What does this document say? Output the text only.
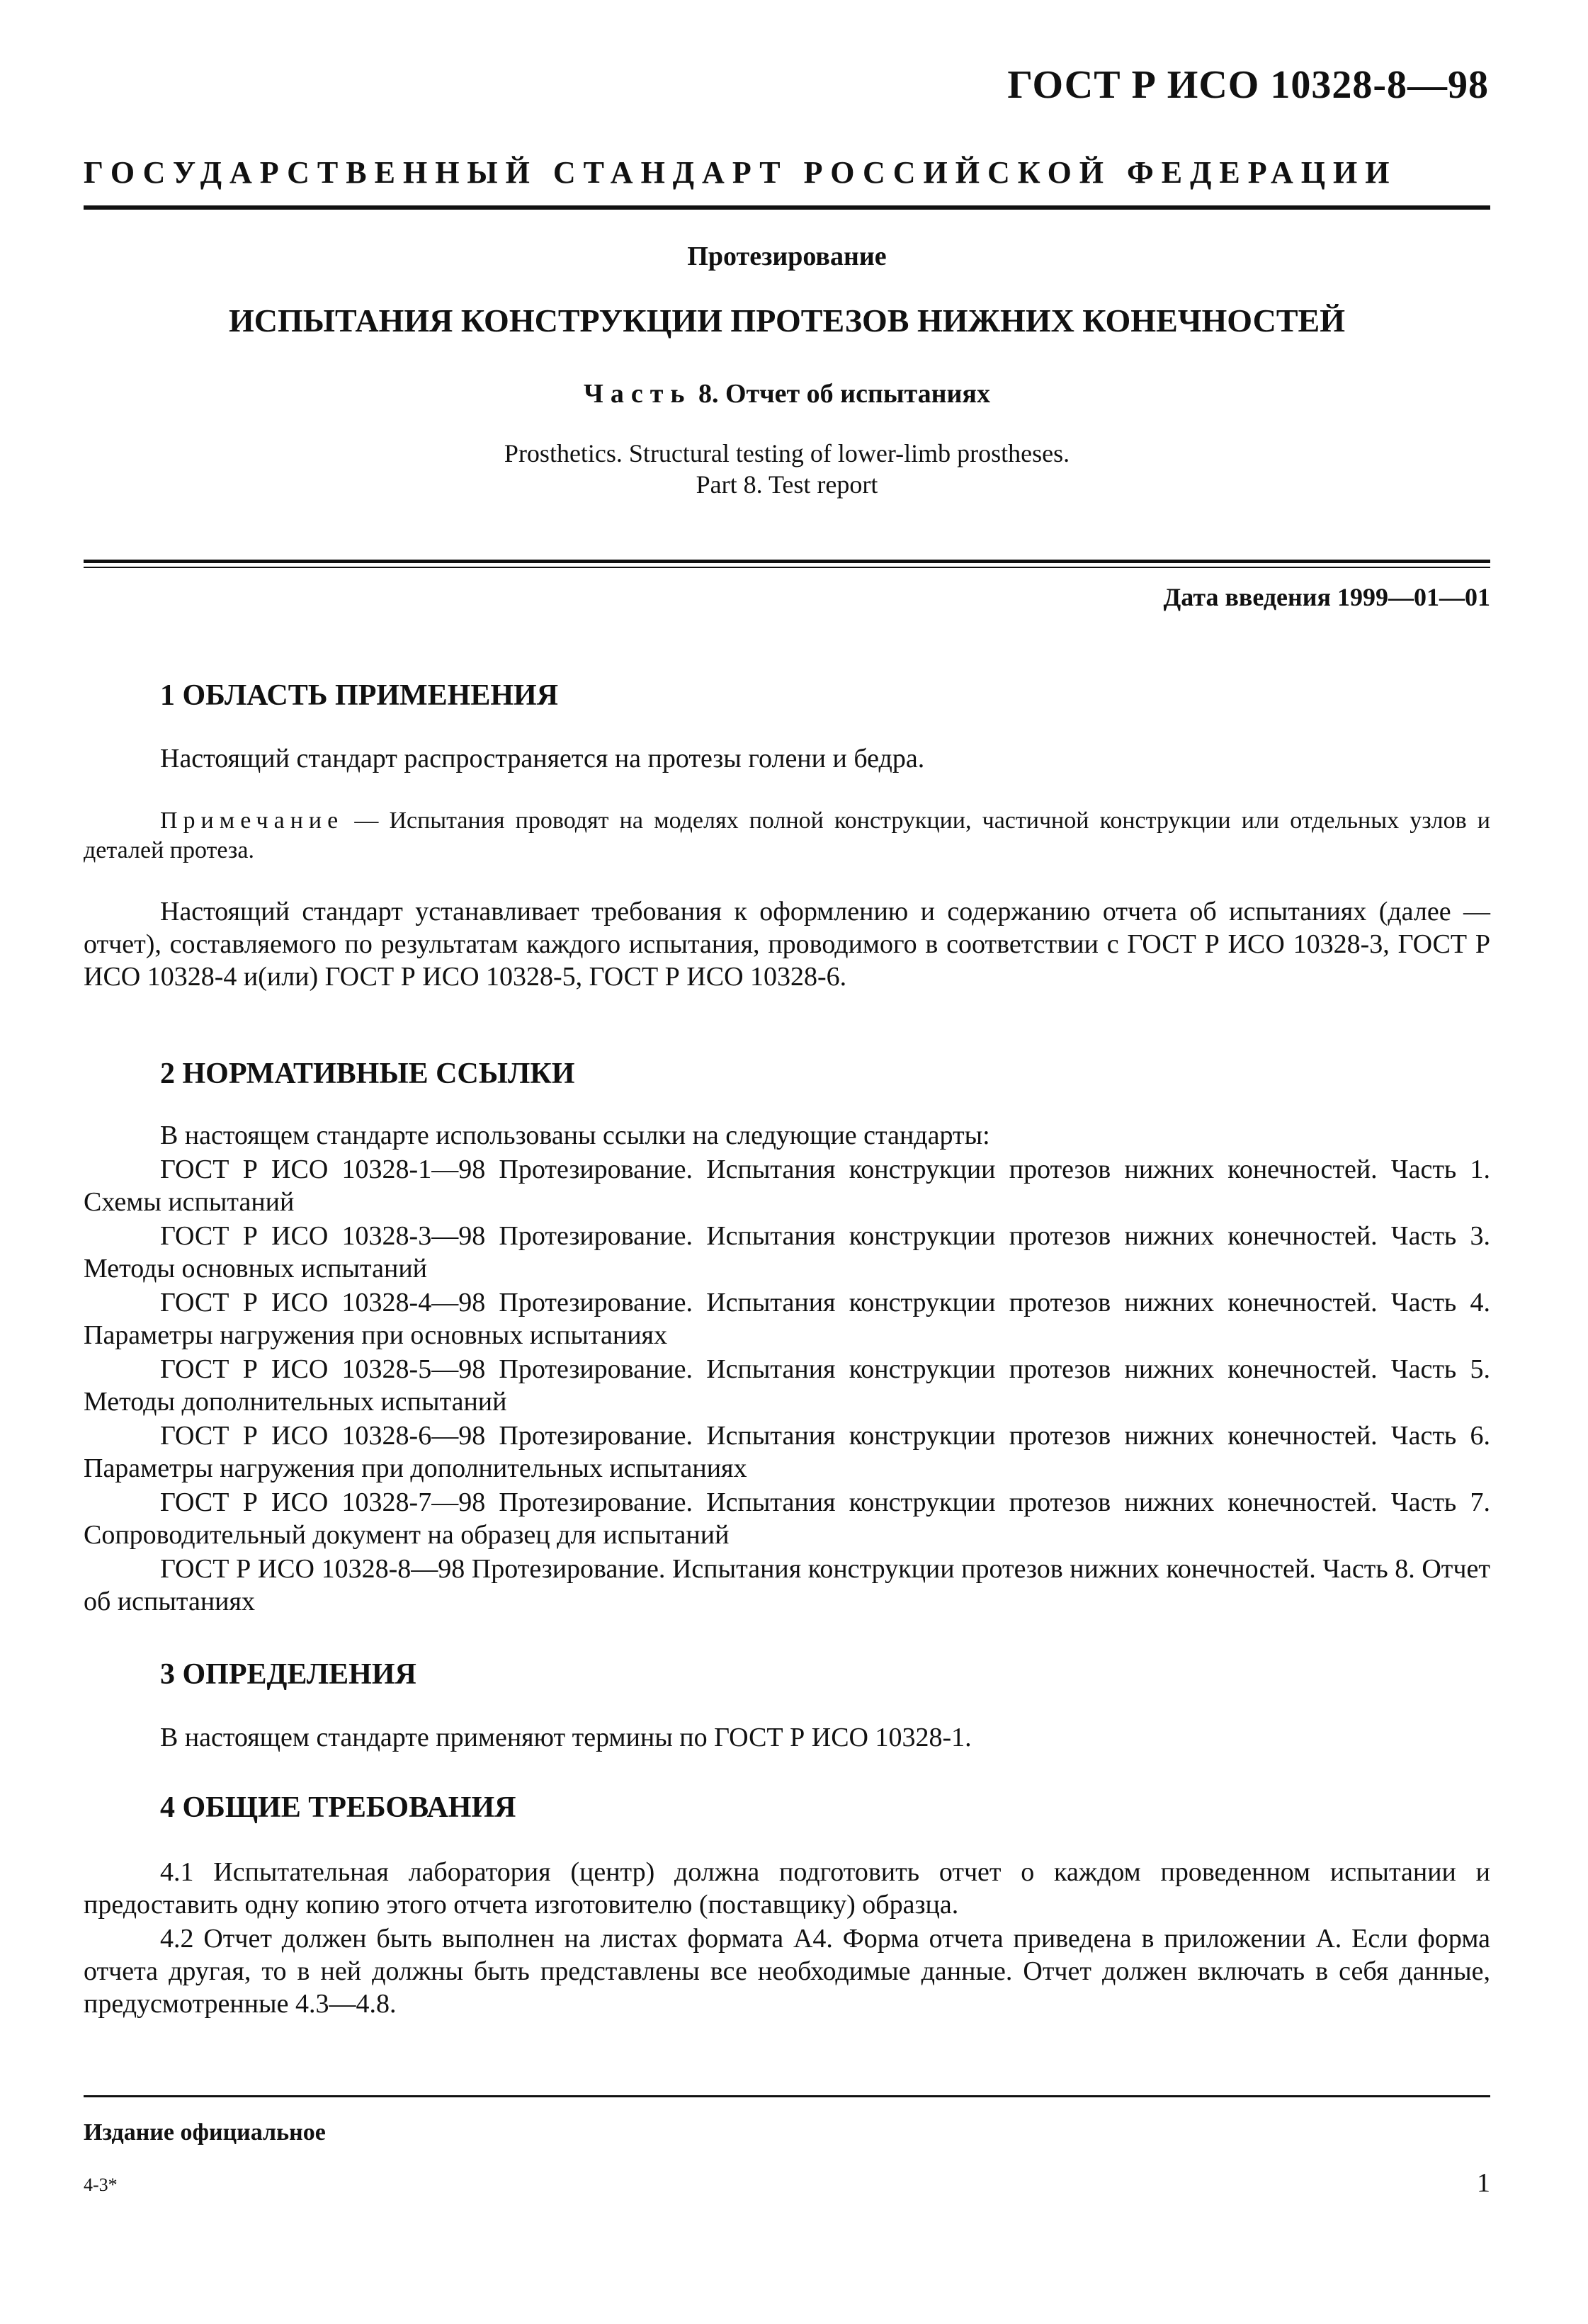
ГОСТ Р ИСО 10328-8—98
ГОСУДАРСТВЕННЫЙ СТАНДАРТ РОССИЙСКОЙ ФЕДЕРАЦИИ
Протезирование
ИСПЫТАНИЯ КОНСТРУКЦИИ ПРОТЕЗОВ НИЖНИХ КОНЕЧНОСТЕЙ
Часть 8. Отчет об испытаниях
Prosthetics. Structural testing of lower-limb prostheses.
Part 8. Test report
Дата введения 1999—01—01
1 ОБЛАСТЬ ПРИМЕНЕНИЯ
Настоящий стандарт распространяется на протезы голени и бедра.
Примечание — Испытания проводят на моделях полной конструкции, частичной конструкции или отдельных узлов и деталей протеза.
Настоящий стандарт устанавливает требования к оформлению и содержанию отчета об испытаниях (далее — отчет), составляемого по результатам каждого испытания, проводимого в соответствии с ГОСТ Р ИСО 10328-3, ГОСТ Р ИСО 10328-4 и(или) ГОСТ Р ИСО 10328-5, ГОСТ Р ИСО 10328-6.
2 НОРМАТИВНЫЕ ССЫЛКИ
В настоящем стандарте использованы ссылки на следующие стандарты:
ГОСТ Р ИСО 10328-1—98 Протезирование. Испытания конструкции протезов нижних конечностей. Часть 1. Схемы испытаний
ГОСТ Р ИСО 10328-3—98 Протезирование. Испытания конструкции протезов нижних конечностей. Часть 3. Методы основных испытаний
ГОСТ Р ИСО 10328-4—98 Протезирование. Испытания конструкции протезов нижних конечностей. Часть 4. Параметры нагружения при основных испытаниях
ГОСТ Р ИСО 10328-5—98 Протезирование. Испытания конструкции протезов нижних конечностей. Часть 5. Методы дополнительных испытаний
ГОСТ Р ИСО 10328-6—98 Протезирование. Испытания конструкции протезов нижних конечностей. Часть 6. Параметры нагружения при дополнительных испытаниях
ГОСТ Р ИСО 10328-7—98 Протезирование. Испытания конструкции протезов нижних конечностей. Часть 7. Сопроводительный документ на образец для испытаний
ГОСТ Р ИСО 10328-8—98 Протезирование. Испытания конструкции протезов нижних конечностей. Часть 8. Отчет об испытаниях
3 ОПРЕДЕЛЕНИЯ
В настоящем стандарте применяют термины по ГОСТ Р ИСО 10328-1.
4 ОБЩИЕ ТРЕБОВАНИЯ
4.1 Испытательная лаборатория (центр) должна подготовить отчет о каждом проведенном испытании и предоставить одну копию этого отчета изготовителю (поставщику) образца.
4.2 Отчет должен быть выполнен на листах формата А4. Форма отчета приведена в приложении А. Если форма отчета другая, то в ней должны быть представлены все необходимые данные. Отчет должен включать в себя данные, предусмотренные 4.3—4.8.
Издание официальное
4-3*	1
